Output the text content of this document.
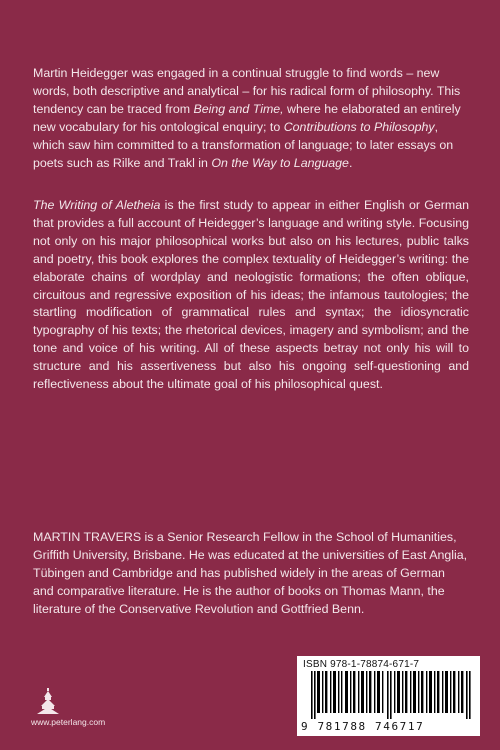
Martin Heidegger was engaged in a continual struggle to find words – new words, both descriptive and analytical – for his radical form of philosophy. This tendency can be traced from Being and Time, where he elaborated an entirely new vocabulary for his ontological enquiry; to Contributions to Philosophy, which saw him committed to a transformation of language; to later essays on poets such as Rilke and Trakl in On the Way to Language.

The Writing of Aletheia is the first study to appear in either English or German that provides a full account of Heidegger’s language and writing style. Focusing not only on his major philosophical works but also on his lectures, public talks and poetry, this book explores the complex textuality of Heidegger’s writing: the elaborate chains of wordplay and neologistic formations; the often oblique, circuitous and regressive exposition of his ideas; the infamous tautologies; the startling modification of grammatical rules and syntax; the idiosyncratic typography of his texts; the rhetorical devices, imagery and symbolism; and the tone and voice of his writing. All of these aspects betray not only his will to structure and his assertiveness but also his ongoing self-questioning and reflectiveness about the ultimate goal of his philosophical quest.

MARTIN TRAVERS is a Senior Research Fellow in the School of Humanities, Griffith University, Brisbane. He was educated at the universities of East Anglia, Tübingen and Cambridge and has published widely in the areas of German and comparative literature. He is the author of books on Thomas Mann, the literature of the Conservative Revolution and Gottfried Benn.

www.peterlang.com
ISBN 978-1-78874-671-7
9 781788 746717
